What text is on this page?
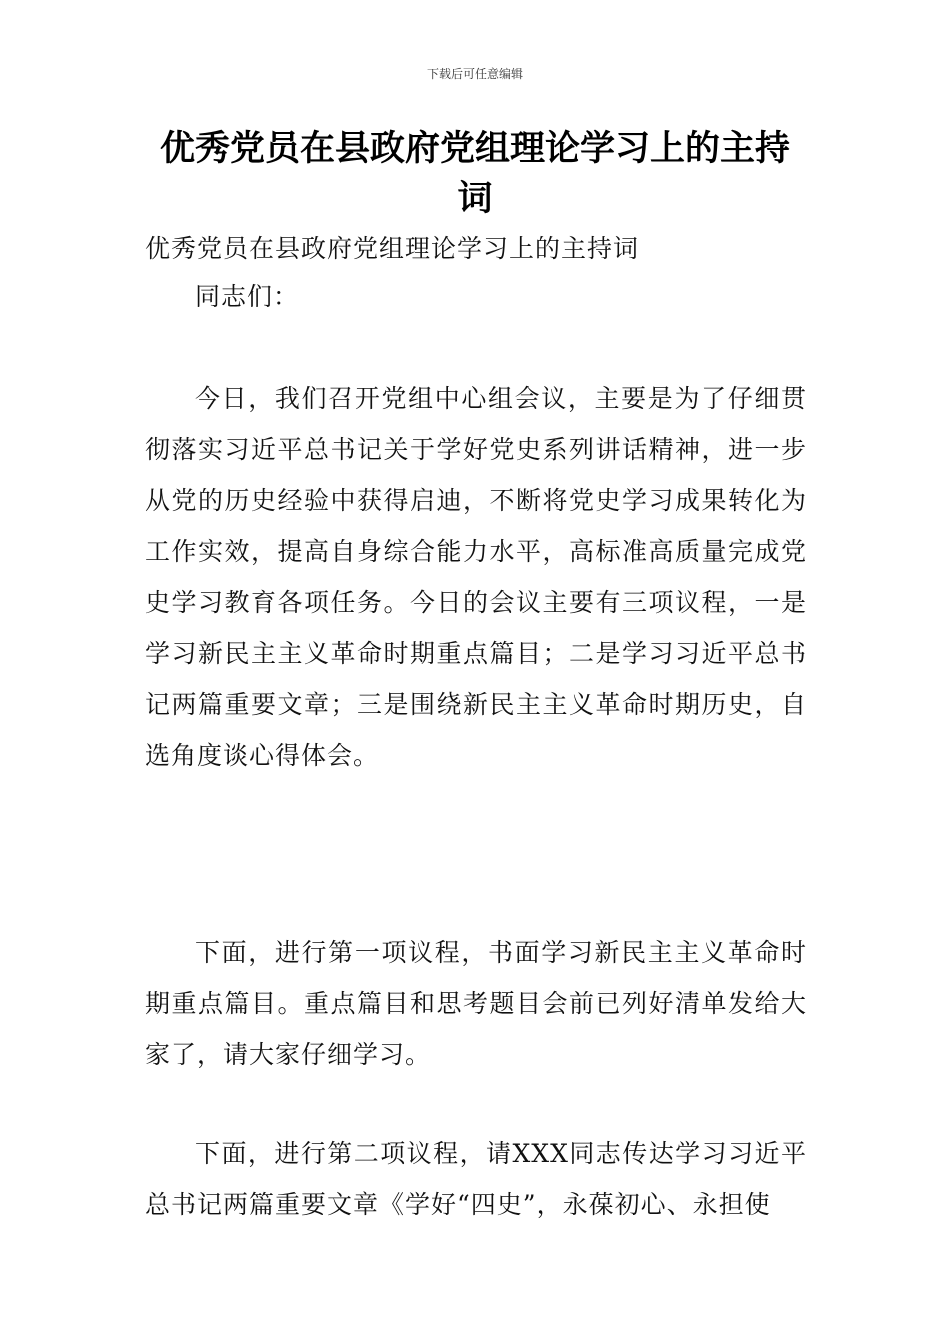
下载后可任意编辑
优秀党员在县政府党组理论学习上的主持词

优秀党员在县政府党组理论学习上的主持词

同志们：

今日，我们召开党组中心组会议，主要是为了仔细贯彻落实习近平总书记关于学好党史系列讲话精神，进一步从党的历史经验中获得启迪，不断将党史学习成果转化为工作实效，提高自身综合能力水平，高标准高质量完成党史学习教育各项任务。今日的会议主要有三项议程，一是学习新民主主义革命时期重点篇目；二是学习习近平总书记两篇重要文章；三是围绕新民主主义革命时期历史，自选角度谈心得体会。

下面，进行第一项议程，书面学习新民主主义革命时期重点篇目。重点篇目和思考题目会前已列好清单发给大家了，请大家仔细学习。

下面，进行第二项议程，请XXX同志传达学习习近平总书记两篇重要文章《学好“四史”，永葆初心、永担使
